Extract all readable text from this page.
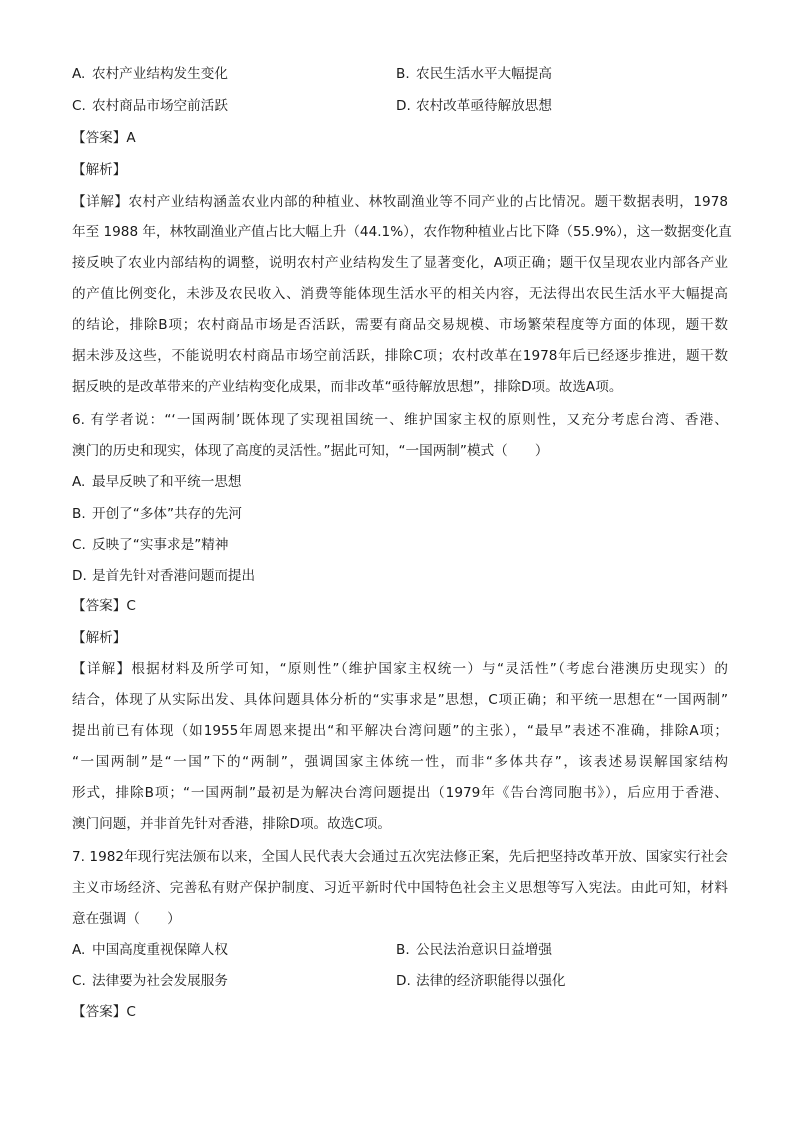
A. 农村产业结构发生变化	B. 农民生活水平大幅提高
C. 农村商品市场空前活跃	D. 农村改革亟待解放思想
【答案】A
【解析】
【详解】农村产业结构涵盖农业内部的种植业、林牧副渔业等不同产业的占比情况。题干数据表明，1978
年至 1988 年，林牧副渔业产值占比大幅上升（44.1%），农作物种植业占比下降（55.9%），这一数据变化直
接反映了农业内部结构的调整，说明农村产业结构发生了显著变化，A项正确；题干仅呈现农业内部各产业
的产值比例变化，未涉及农民收入、消费等能体现生活水平的相关内容，无法得出农民生活水平大幅提高
的结论，排除B项；农村商品市场是否活跃，需要有商品交易规模、市场繁荣程度等方面的体现，题干数
据未涉及这些，不能说明农村商品市场空前活跃，排除C项；农村改革在1978年后已经逐步推进，题干数
据反映的是改革带来的产业结构变化成果，而非改革“亟待解放思想”，排除D项。故选A项。
6. 有学者说：“‘一国两制’既体现了实现祖国统一、维护国家主权的原则性，又充分考虑台湾、香港、
澳门的历史和现实，体现了高度的灵活性。”据此可知，“一国两制”模式（　　）
A. 最早反映了和平统一思想
B. 开创了“多体”共存的先河
C. 反映了“实事求是”精神
D. 是首先针对香港问题而提出
【答案】C
【解析】
【详解】根据材料及所学可知，“原则性”（维护国家主权统一）与“灵活性”（考虑台港澳历史现实）的
结合，体现了从实际出发、具体问题具体分析的“实事求是”思想，C项正确；和平统一思想在“一国两制”
提出前已有体现（如1955年周恩来提出“和平解决台湾问题”的主张），“最早”表述不准确，排除A项；
“一国两制”是“一国”下的“两制”，强调国家主体统一性，而非“多体共存”，该表述易误解国家结构
形式，排除B项；“一国两制”最初是为解决台湾问题提出（1979年《告台湾同胞书》），后应用于香港、
澳门问题，并非首先针对香港，排除D项。故选C项。
7. 1982年现行宪法颁布以来，全国人民代表大会通过五次宪法修正案，先后把坚持改革开放、国家实行社会
主义市场经济、完善私有财产保护制度、习近平新时代中国特色社会主义思想等写入宪法。由此可知，材料
意在强调（　　）
A. 中国高度重视保障人权	B. 公民法治意识日益增强
C. 法律要为社会发展服务	D. 法律的经济职能得以强化
【答案】C
